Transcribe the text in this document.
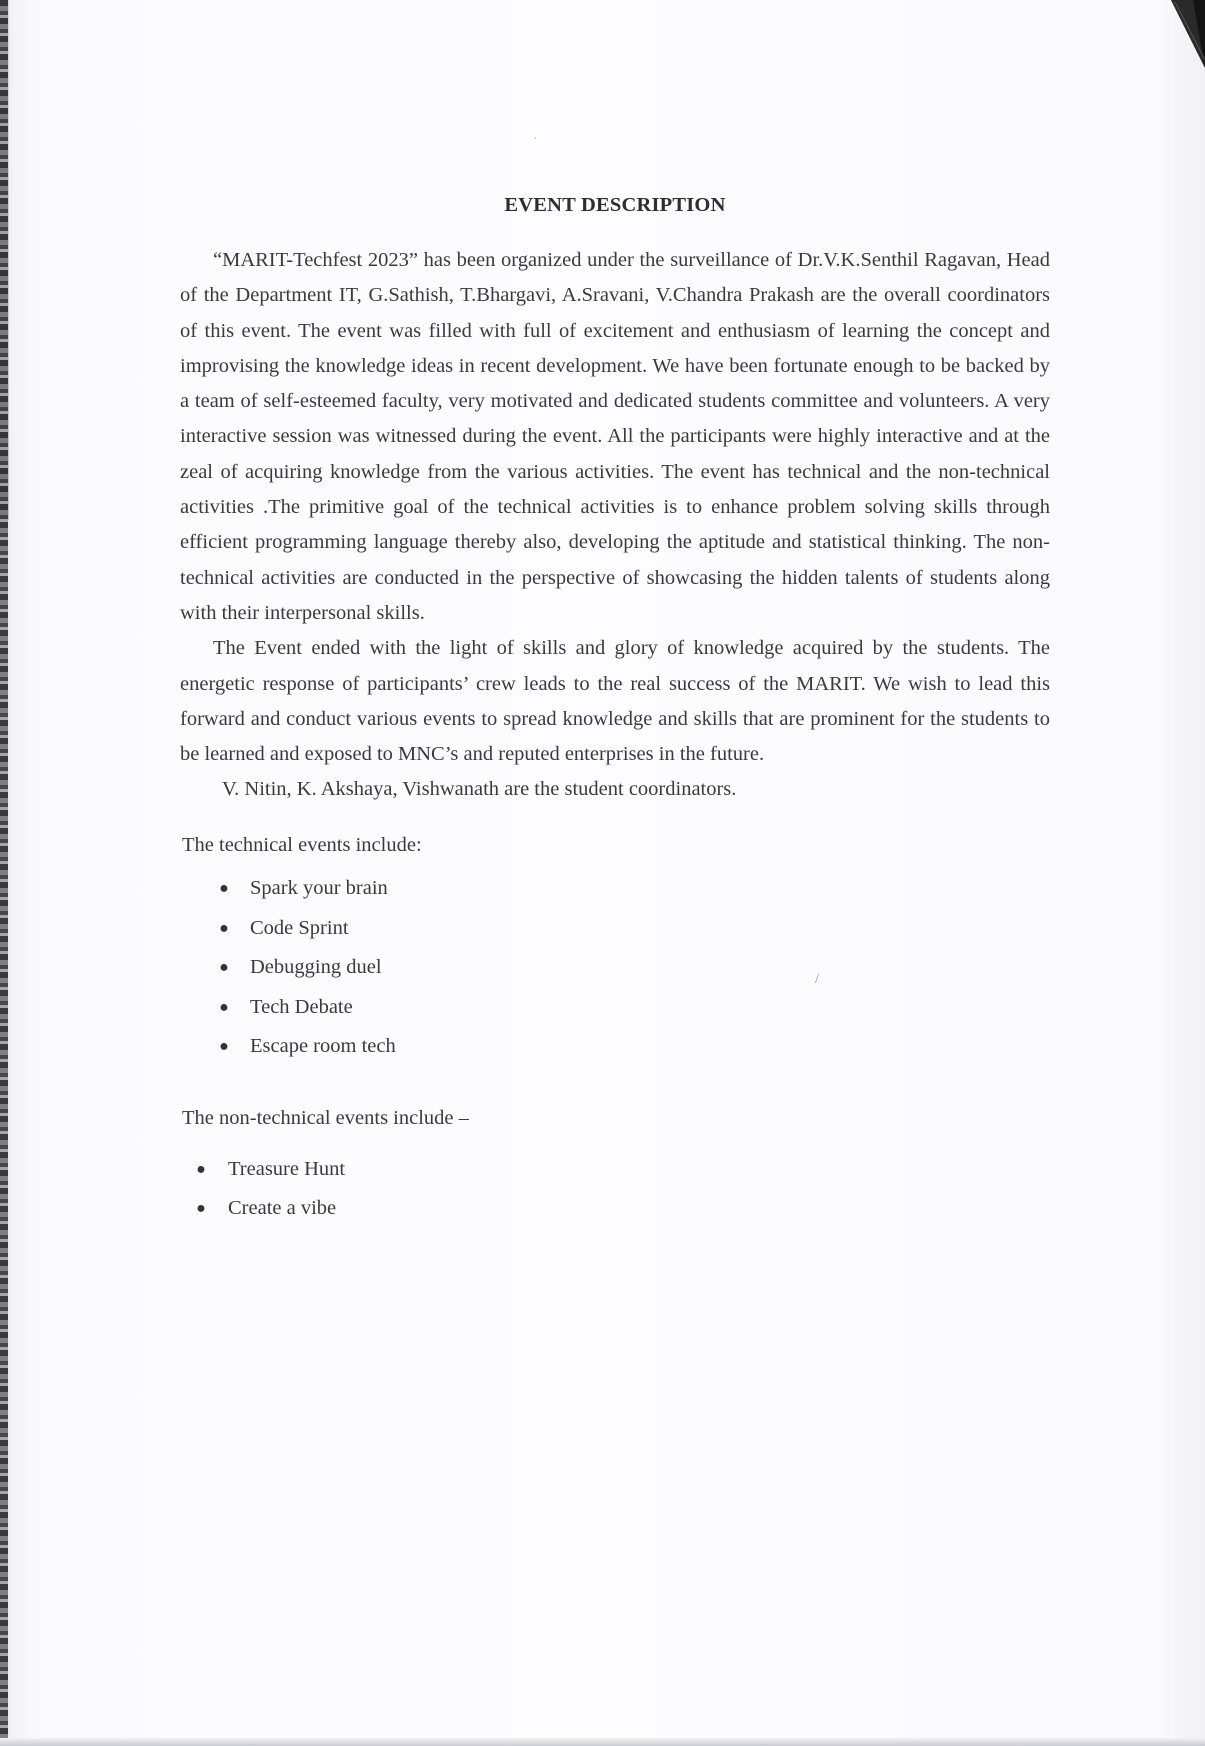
·
/
EVENT DESCRIPTION

“MARIT-Techfest 2023” has been organized under the surveillance of Dr.V.K.Senthil Ragavan, Head of the Department IT, G.Sathish, T.Bhargavi, A.Sravani, V.Chandra Prakash are the overall coordinators of this event. The event was filled with full of excitement and enthusiasm of learning the concept and improvising the knowledge ideas in recent development. We have been fortunate enough to be backed by a team of self-esteemed faculty, very motivated and dedicated students committee and volunteers. A very interactive session was witnessed during the event. All the participants were highly interactive and at the zeal of acquiring knowledge from the various activities. The event has technical and the non-technical activities .The primitive goal of the technical activities is to enhance problem solving skills through efficient programming language thereby also, developing the aptitude and statistical thinking. The non-technical activities are conducted in the perspective of showcasing the hidden talents of students along with their interpersonal skills.

The Event ended with the light of skills and glory of knowledge acquired by the students. The energetic response of participants’ crew leads to the real success of the MARIT. We wish to lead this forward and conduct various events to spread knowledge and skills that are prominent for the students to be learned and exposed to MNC’s and reputed enterprises in the future.

V. Nitin, K. Akshaya, Vishwanath are the student coordinators.

The technical events include:
● Spark your brain
● Code Sprint
● Debugging duel
● Tech Debate
● Escape room tech
The non-technical events include –
● Treasure Hunt
● Create a vibe
